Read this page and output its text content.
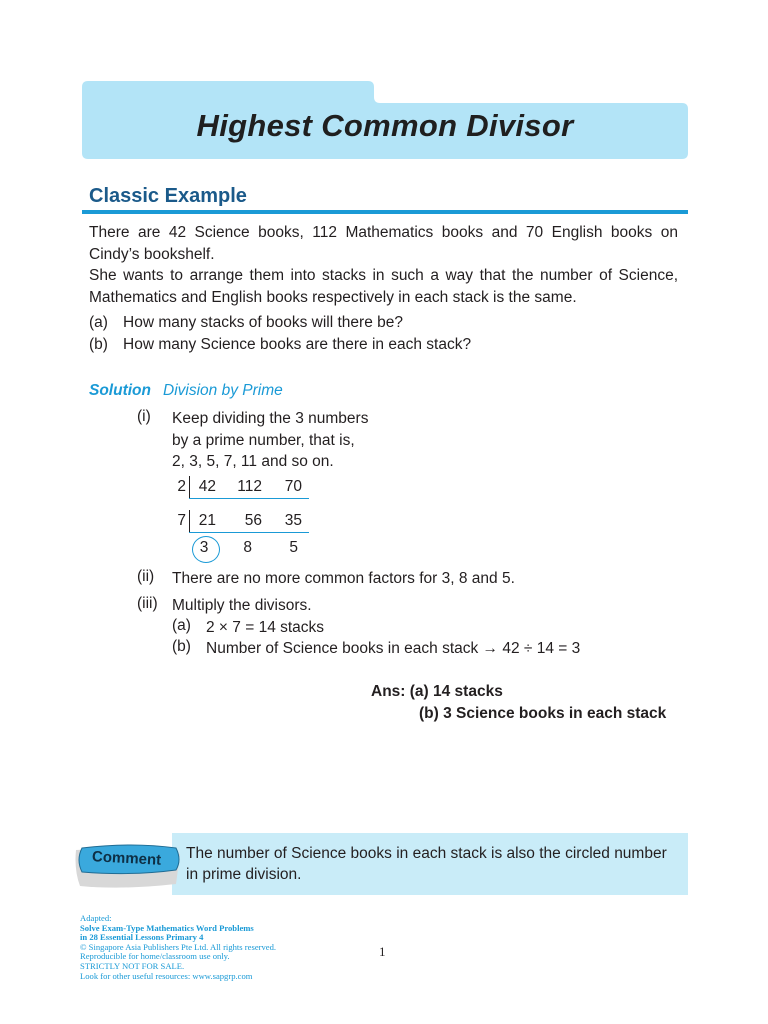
Highest Common Divisor
Classic Example

There are 42 Science books, 112 Mathematics books and 70 English books on Cindy’s bookshelf.

She wants to arrange them into stacks in such a way that the number of Science, Mathematics and English books respectively in each stack is the same.

(a) How many stacks of books will there be?
(b) How many Science books are there in each stack?
Solution Division by Prime
(i) Keep dividing the 3 numbers
by a prime number, that is,
2, 3, 5, 7, 11 and so on.
2 42	112	70
7 21	56	35
3	8	5
(ii) There are no more common factors for 3, 8 and 5.
(iii) Multiply the divisors.
(a) 2 × 7 = 14 stacks
(b) Number of Science books in each stack → 42 ÷ 14 = 3
Ans: (a) 14 stacks
(b) 3 Science books in each stack
Comment The number of Science books in each stack is also the circled number in prime division.
Adapted:
Solve Exam-Type Mathematics Word Problems
in 28 Essential Lessons Primary 4
© Singapore Asia Publishers Pte Ltd. All rights reserved.
Reproducible for home/classroom use only.
STRICTLY NOT FOR SALE.
Look for other useful resources: www.sapgrp.com
1
